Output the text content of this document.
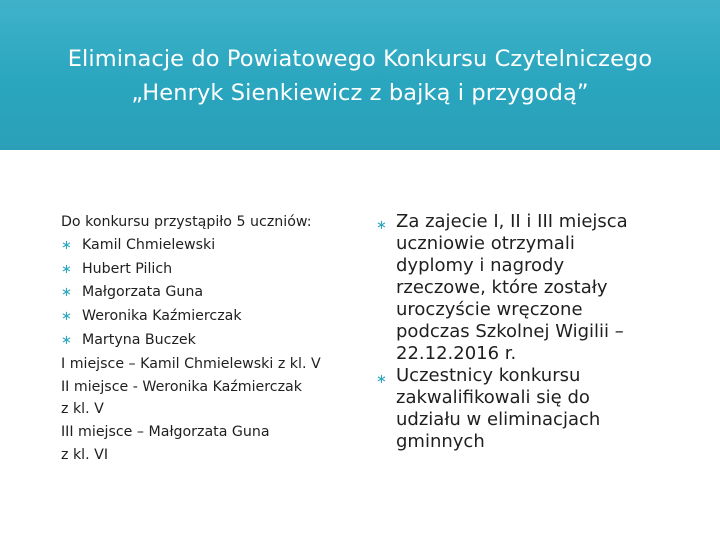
Eliminacje do Powiatowego Konkursu Czytelniczego
„Henryk Sienkiewicz z bajką i przygodą”
Do konkursu przystąpiło 5 uczniów:
∗ Kamil Chmielewski
∗ Hubert Pilich
∗ Małgorzata Guna
∗ Weronika Kaźmierczak
∗ Martyna Buczek
I miejsce – Kamil Chmielewski z kl. V
II miejsce - Weronika Kaźmierczak
z kl. V
III miejsce – Małgorzata Guna
z kl. VI
∗ Za zajecie I, II i III miejsca
uczniowie otrzymali
dyplomy i nagrody
rzeczowe, które zostały
uroczyście wręczone
podczas Szkolnej Wigilii –
22.12.2016 r.
∗ Uczestnicy konkursu
zakwalifikowali się do
udziału w eliminacjach
gminnych
